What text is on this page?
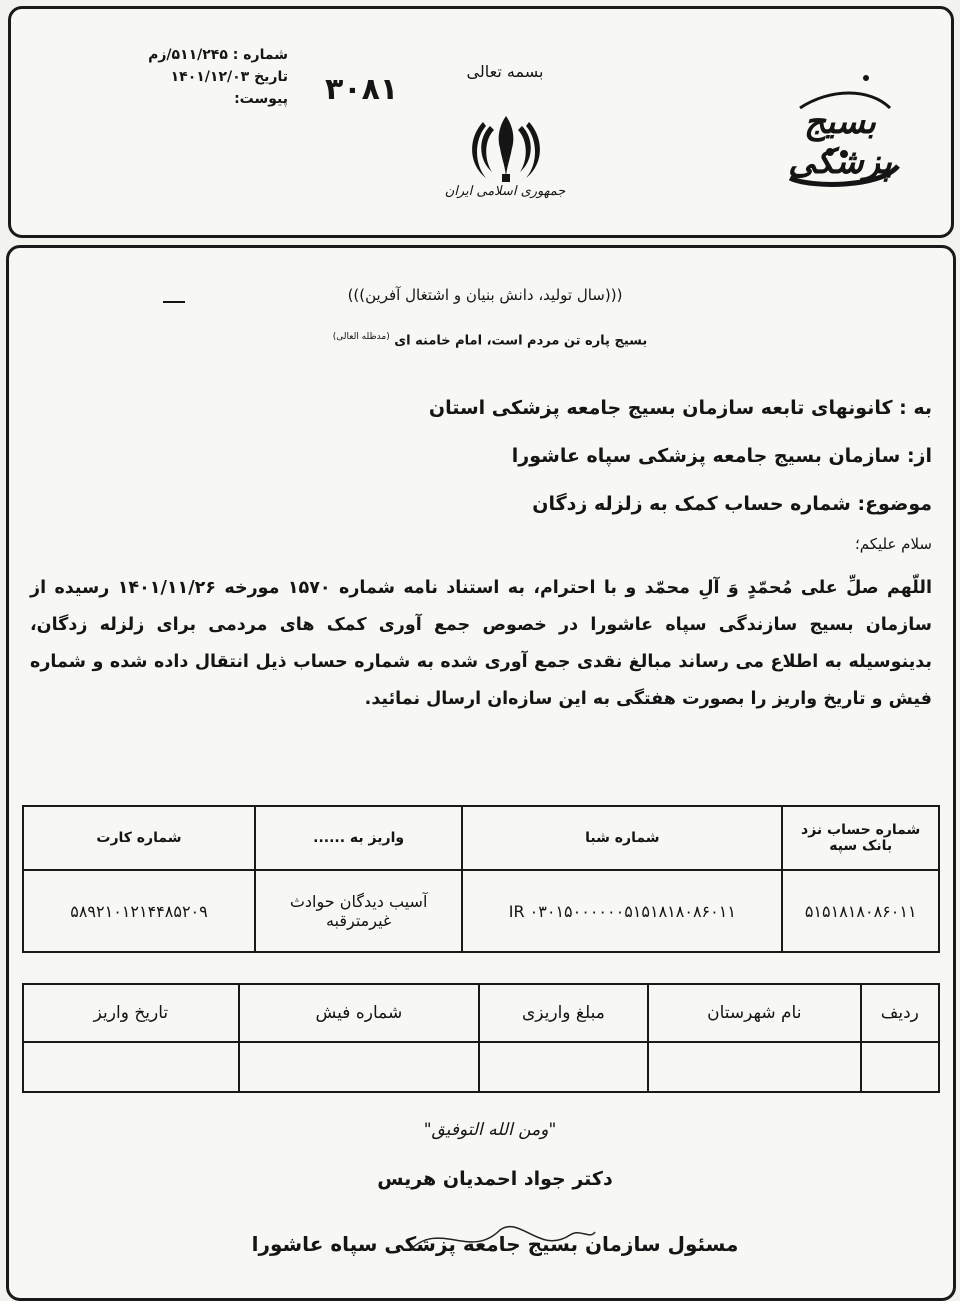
شماره : ۵۱۱/۲۴۵/زم
تاریخ ۱۴۰۱/۱۲/۰۳
پیوست: ۳۰۸۱
بسمه تعالی
جمهوری اسلامی ایران
بسیج پزشکی
(((سال تولید، دانش بنیان و اشتغال آفرین)))
بسیج پاره تن مردم است، امام خامنه ای $^{(مدظله العالی)}$
به : کانونهای تابعه سازمان بسیج جامعه پزشکی استان
از: سازمان بسیج جامعه پزشکی سپاه عاشورا
موضوع: شماره حساب کمک به زلزله زدگان
سلام علیکم؛
اللّهم صلِّ علی مُحمّدٍ وَ آلِ محمّد و با احترام، به استناد نامه شماره ۱۵۷۰ مورخه ۱۴۰۱/۱۱/۲۶ رسیده از سازمان بسیج سازندگی سپاه عاشورا در خصوص جمع آوری کمک های مردمی برای زلزله زدگان، بدینوسیله به اطلاع می رساند مبالغ نقدی جمع آوری شده به شماره حساب ذیل انتقال داده شده و شماره فیش و تاریخ واریز را بصورت هفتگی به این سازه‌ان ارسال نمائید.
شماره حساب نزد بانک سپه	شماره شبا	واریز به ......	شماره کارت
۵۱۵۱۸۱۸۰۸۶۰۱۱	IR ۰۳۰۱۵۰۰۰۰۰۰۵۱۵۱۸۱۸۰۸۶۰۱۱	آسیب دیدگان حوادث غیرمترقبه	۵۸۹۲۱۰۱۲۱۴۴۸۵۲۰۹
ردیف	نام شهرستان	مبلغ واریزی	شماره فیش	تاریخ واریز

"ومن الله التوفیق"
دکتر جواد احمدیان هریس
مسئول سازمان بسیج جامعه پزشکی سپاه عاشورا
